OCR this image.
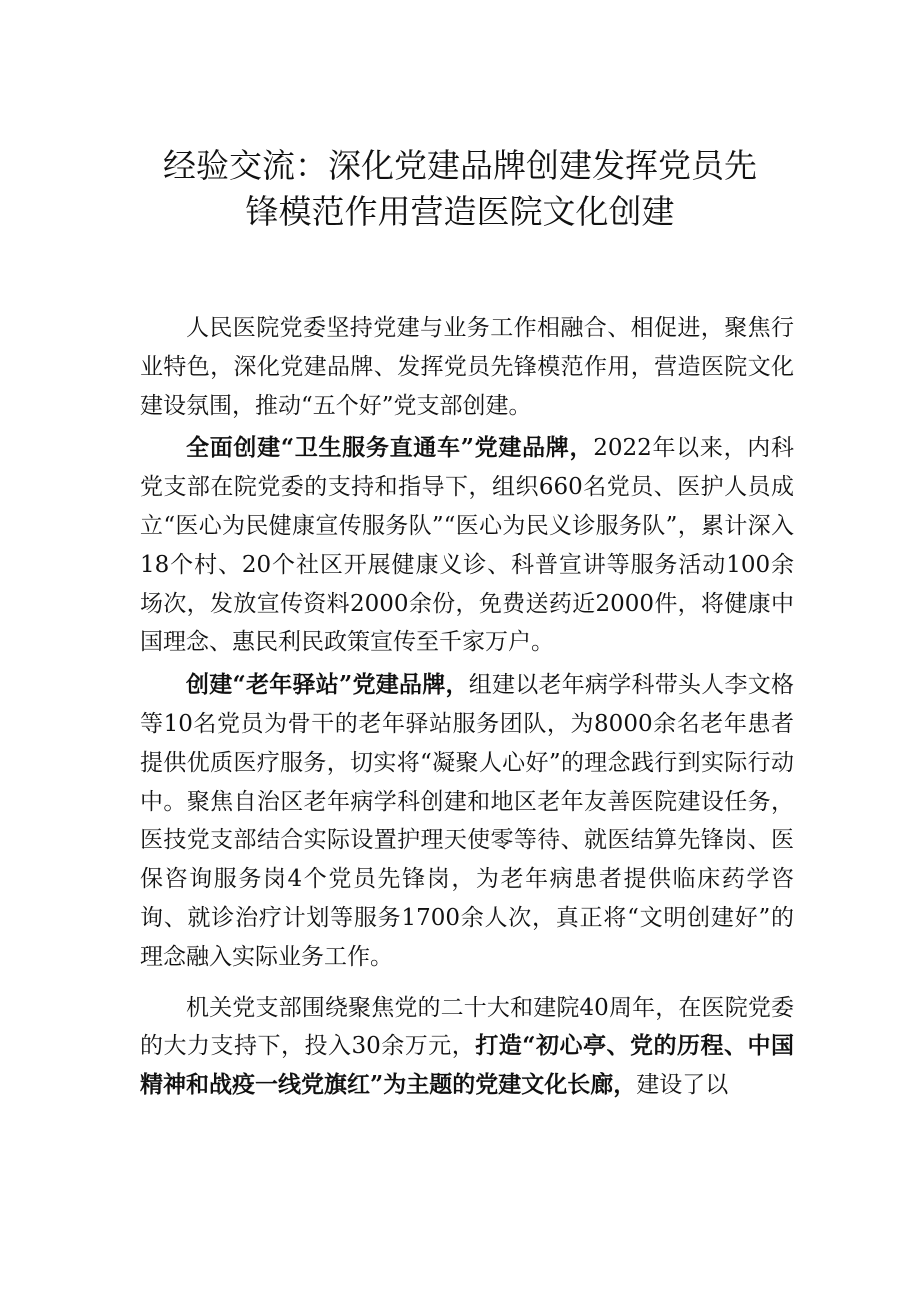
经验交流：深化党建品牌创建发挥党员先
锋模范作用营造医院文化创建

人民医院党委坚持党建与业务工作相融合、相促进，聚焦行业特色，深化党建品牌、发挥党员先锋模范作用，营造医院文化建设氛围，推动“五个好”党支部创建。

全面创建“卫生服务直通车”党建品牌，2022年以来，内科党支部在院党委的支持和指导下，组织660名党员、医护人员成立“医心为民健康宣传服务队”“医心为民义诊服务队”，累计深入18个村、20个社区开展健康义诊、科普宣讲等服务活动100余场次，发放宣传资料2000余份，免费送药近2000件，将健康中国理念、惠民利民政策宣传至千家万户。

创建“老年驿站”党建品牌，组建以老年病学科带头人李文格等10名党员为骨干的老年驿站服务团队，为8000余名老年患者提供优质医疗服务，切实将“凝聚人心好”的理念践行到实际行动中。聚焦自治区老年病学科创建和地区老年友善医院建设任务，医技党支部结合实际设置护理天使零等待、就医结算先锋岗、医保咨询服务岗4个党员先锋岗，为老年病患者提供临床药学咨询、就诊治疗计划等服务1700余人次，真正将“文明创建好”的理念融入实际业务工作。

机关党支部围绕聚焦党的二十大和建院40周年，在医院党委的大力支持下，投入30余万元，打造“初心亭、党的历程、中国精神和战疫一线党旗红”为主题的党建文化长廊，建设了以
